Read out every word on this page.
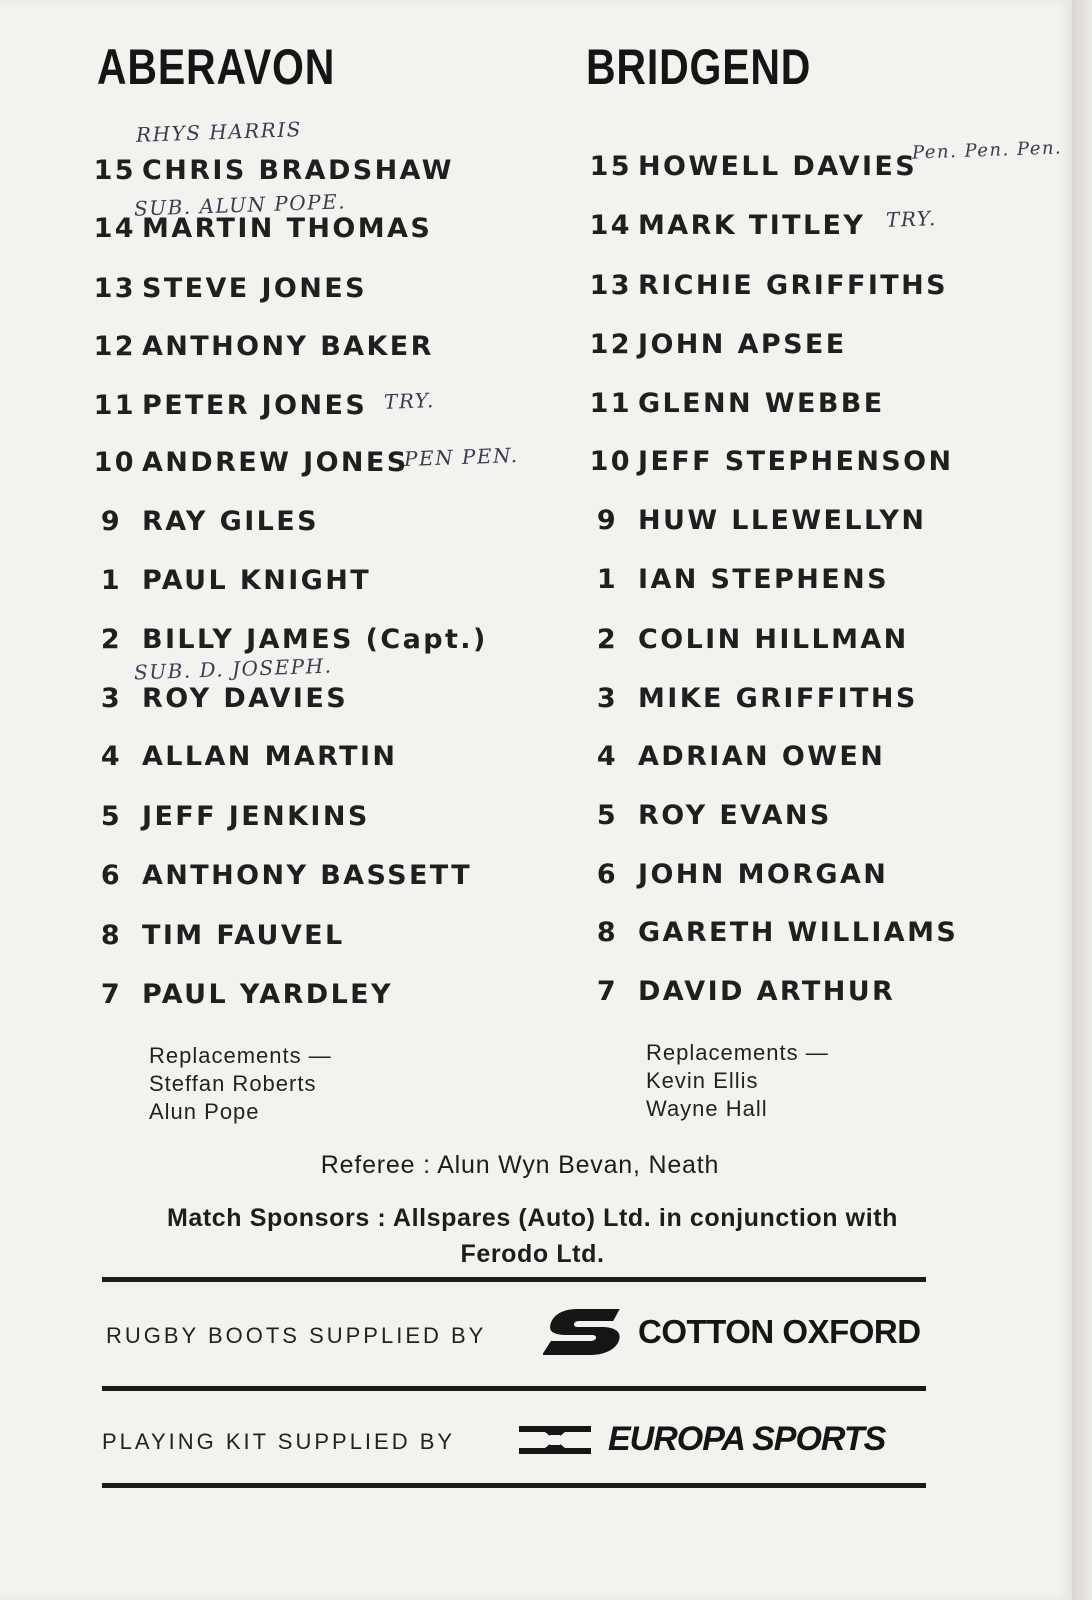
ABERAVON	BRIDGEND
15 CHRIS BRADSHAW
14 MARTIN THOMAS
13 STEVE JONES
12 ANTHONY BAKER
11 PETER JONES
10 ANDREW JONES
9 RAY GILES
1 PAUL KNIGHT
2 BILLY JAMES (Capt.)
3 ROY DAVIES
4 ALLAN MARTIN
5 JEFF JENKINS
6 ANTHONY BASSETT
8 TIM FAUVEL
7 PAUL YARDLEY
15 HOWELL DAVIES
14 MARK TITLEY
13 RICHIE GRIFFITHS
12 JOHN APSEE
11 GLENN WEBBE
10 JEFF STEPHENSON
9 HUW LLEWELLYN
1 IAN STEPHENS
2 COLIN HILLMAN
3 MIKE GRIFFITHS
4 ADRIAN OWEN
5 ROY EVANS
6 JOHN MORGAN
8 GARETH WILLIAMS
7 DAVID ARTHUR
RHYS HARRIS
SUB. ALUN POPE.
TRY.
PEN PEN.
SUB. D. JOSEPH.
Pen. Pen. Pen.
TRY.
Replacements —
Steffan Roberts
Alun Pope
Replacements —
Kevin Ellis
Wayne Hall
Referee : Alun Wyn Bevan, Neath
Match Sponsors : Allspares (Auto) Ltd. in conjunction with
Ferodo Ltd.
RUGBY BOOTS SUPPLIED BY	COTTON OXFORD
PLAYING KIT SUPPLIED BY	EUROPA SPORTS
